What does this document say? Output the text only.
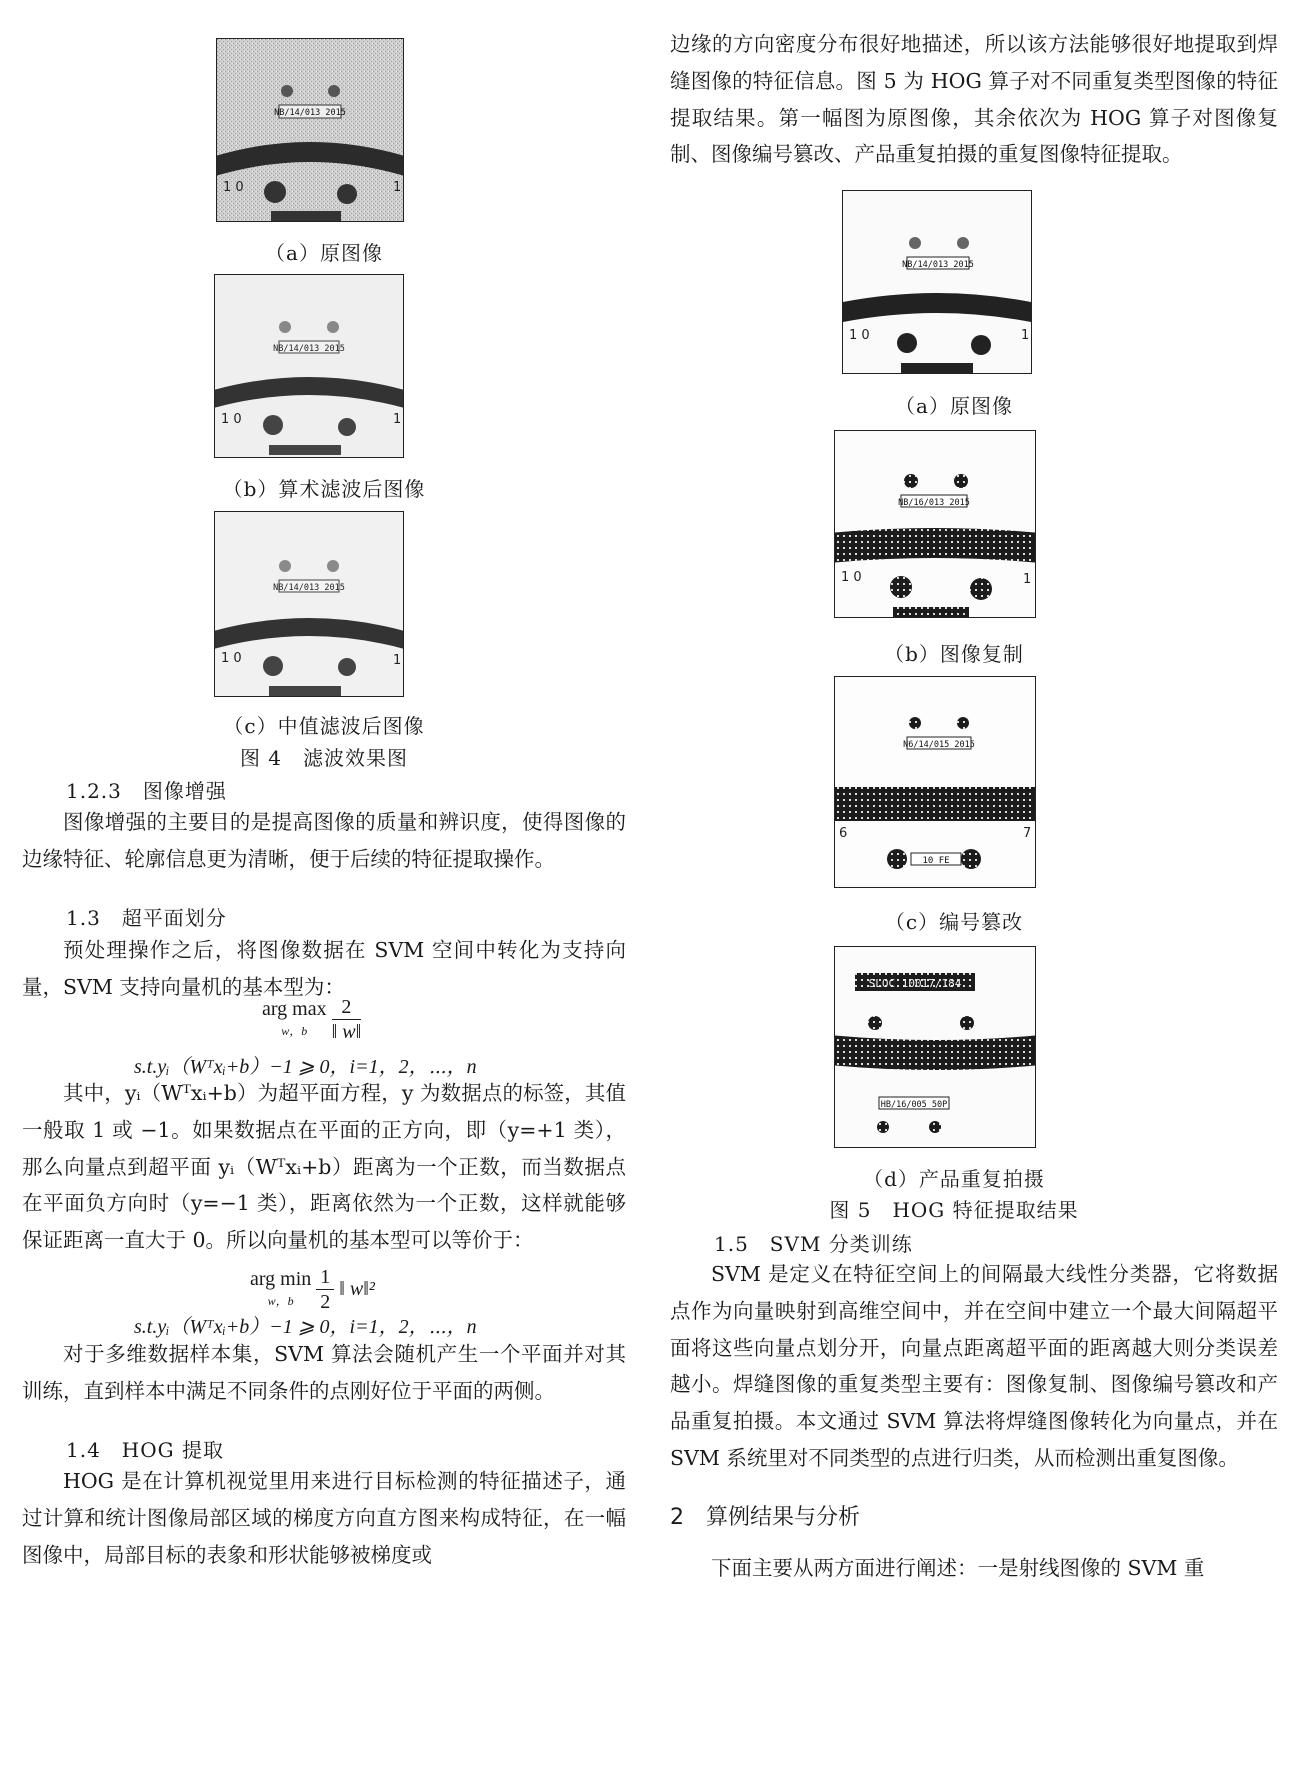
NB/14/013 2015
1 0	1
（a）原图像
NB/14/013 2015
1 0	1
（b）算术滤波后图像
NB/14/013 2015
1 0	1
（c）中值滤波后图像
图 4　滤波效果图
1.2.3　图像增强

图像增强的主要目的是提高图像的质量和辨识度，使得图像的边缘特征、轮廓信息更为清晰，便于后续的特征提取操作。

1.3　超平面划分

预处理操作之后，将图像数据在 SVM 空间中转化为支持向量，SVM 支持向量机的基本型为：

arg max
w，b $\frac{2}{‖ w‖}$
s.t.yᵢ（Wᵀxᵢ+b）−1 ⩾ 0，i=1，2，⋯，n

其中，yᵢ（Wᵀxᵢ+b）为超平面方程，y 为数据点的标签，其值一般取 1 或 −1。如果数据点在平面的正方向，即（y=+1 类），那么向量点到超平面 yᵢ（Wᵀxᵢ+b）距离为一个正数，而当数据点在平面负方向时（y=−1 类），距离依然为一个正数，这样就能够保证距离一直大于 0。所以向量机的基本型可以等价于：

arg min
w，b $\frac{1}{2}$ ‖ w‖²
s.t.yᵢ（Wᵀxᵢ+b）−1 ⩾ 0，i=1，2，⋯，n

对于多维数据样本集，SVM 算法会随机产生一个平面并对其训练，直到样本中满足不同条件的点刚好位于平面的两侧。

1.4　HOG 提取

HOG 是在计算机视觉里用来进行目标检测的特征描述子，通过计算和统计图像局部区域的梯度方向直方图来构成特征，在一幅图像中，局部目标的表象和形状能够被梯度或

边缘的方向密度分布很好地描述，所以该方法能够很好地提取到焊缝图像的特征信息。图 5 为 HOG 算子对不同重复类型图像的特征提取结果。第一幅图为原图像，其余依次为 HOG 算子对图像复制、图像编号篡改、产品重复拍摄的重复图像特征提取。

NB/14/013 2015
1 0	1
（a）原图像
NB/16/013 2015
1 0	1
（b）图像复制
N6/14/015 2015
6	7
10 FE
（c）编号篡改
SLOC 10017/184
HB/16/005 50P
（d）产品重复拍摄
图 5　HOG 特征提取结果
1.5　SVM 分类训练

SVM 是定义在特征空间上的间隔最大线性分类器，它将数据点作为向量映射到高维空间中，并在空间中建立一个最大间隔超平面将这些向量点划分开，向量点距离超平面的距离越大则分类误差越小。焊缝图像的重复类型主要有：图像复制、图像编号篡改和产品重复拍摄。本文通过 SVM 算法将焊缝图像转化为向量点，并在 SVM 系统里对不同类型的点进行归类，从而检测出重复图像。

2　算例结果与分析

下面主要从两方面进行阐述：一是射线图像的 SVM 重
